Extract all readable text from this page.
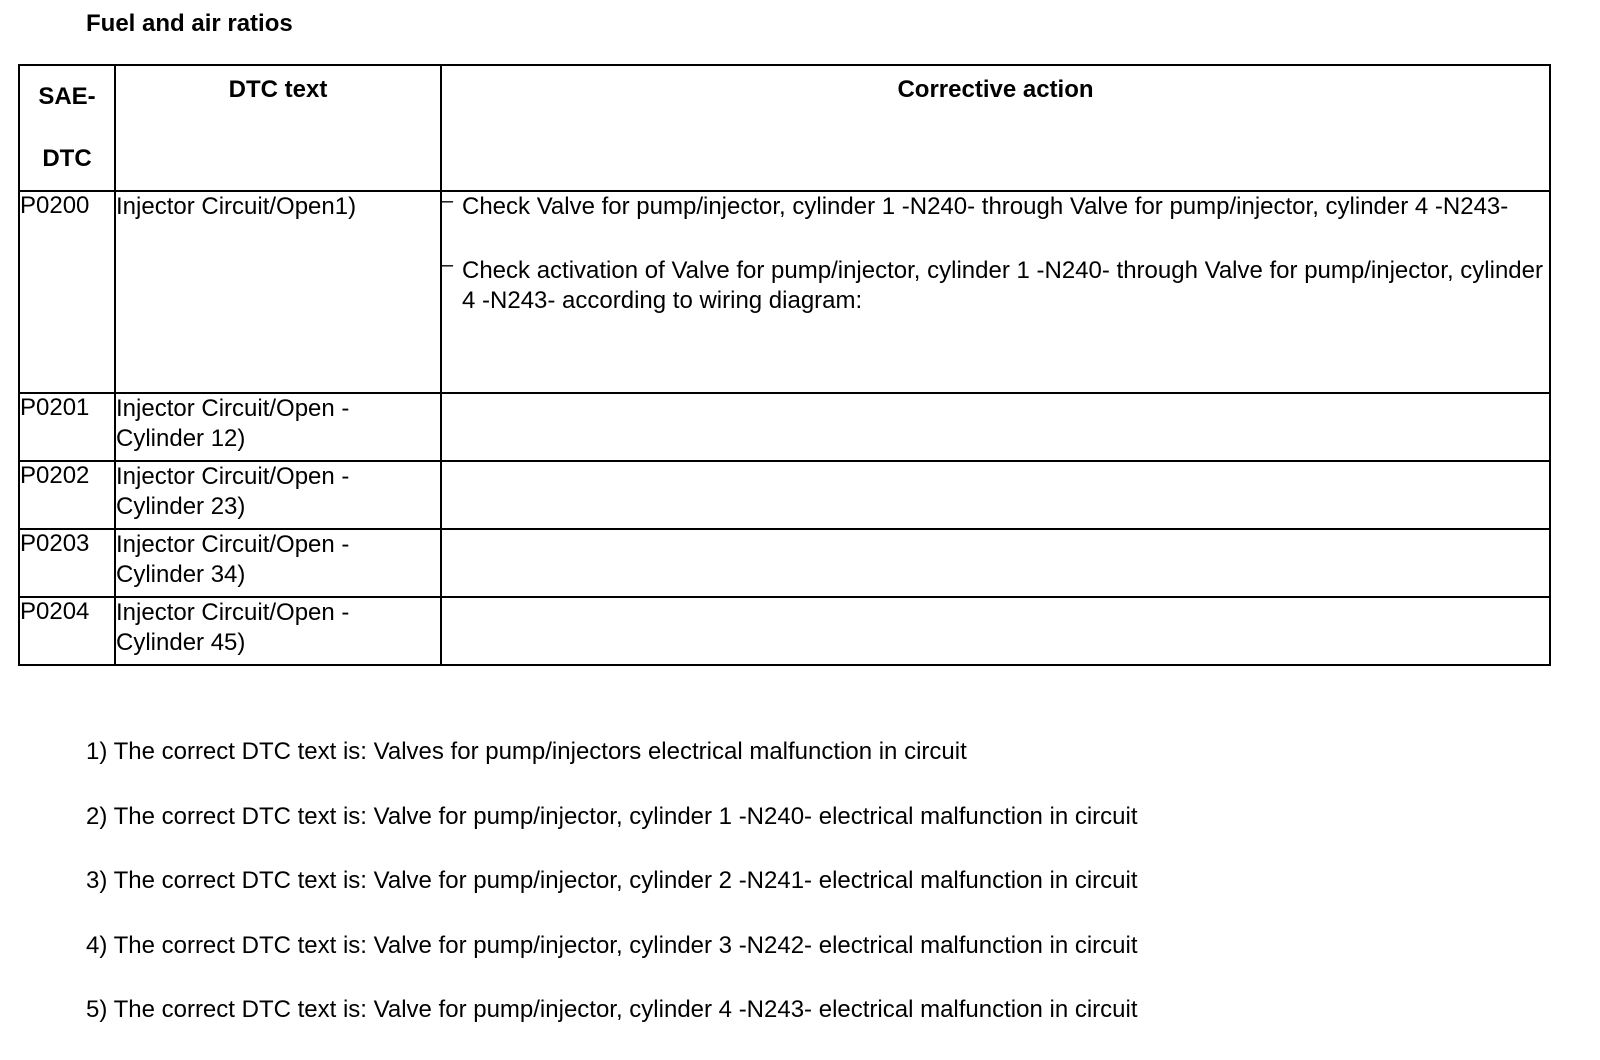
Fuel and air ratios
SAE-
DTC	DTC text	Corrective action

P0200	Injector Circuit/Open1)	– Check Valve for pump/injector, cylinder 1 -N240- through Valve for pump/injector, cylinder 4 -N243-
– Check activation of Valve for pump/injector, cylinder 1 -N240- through Valve for pump/injector, cylinder 4 -N243- according to wiring diagram:

P0201	Injector Circuit/Open -
Cylinder 12)	

P0202	Injector Circuit/Open -
Cylinder 23)	

P0203	Injector Circuit/Open -
Cylinder 34)	

P0204	Injector Circuit/Open -
Cylinder 45)	

1) The correct DTC text is: Valves for pump/injectors electrical malfunction in circuit

2) The correct DTC text is: Valve for pump/injector, cylinder 1 -N240- electrical malfunction in circuit

3) The correct DTC text is: Valve for pump/injector, cylinder 2 -N241- electrical malfunction in circuit

4) The correct DTC text is: Valve for pump/injector, cylinder 3 -N242- electrical malfunction in circuit

5) The correct DTC text is: Valve for pump/injector, cylinder 4 -N243- electrical malfunction in circuit
